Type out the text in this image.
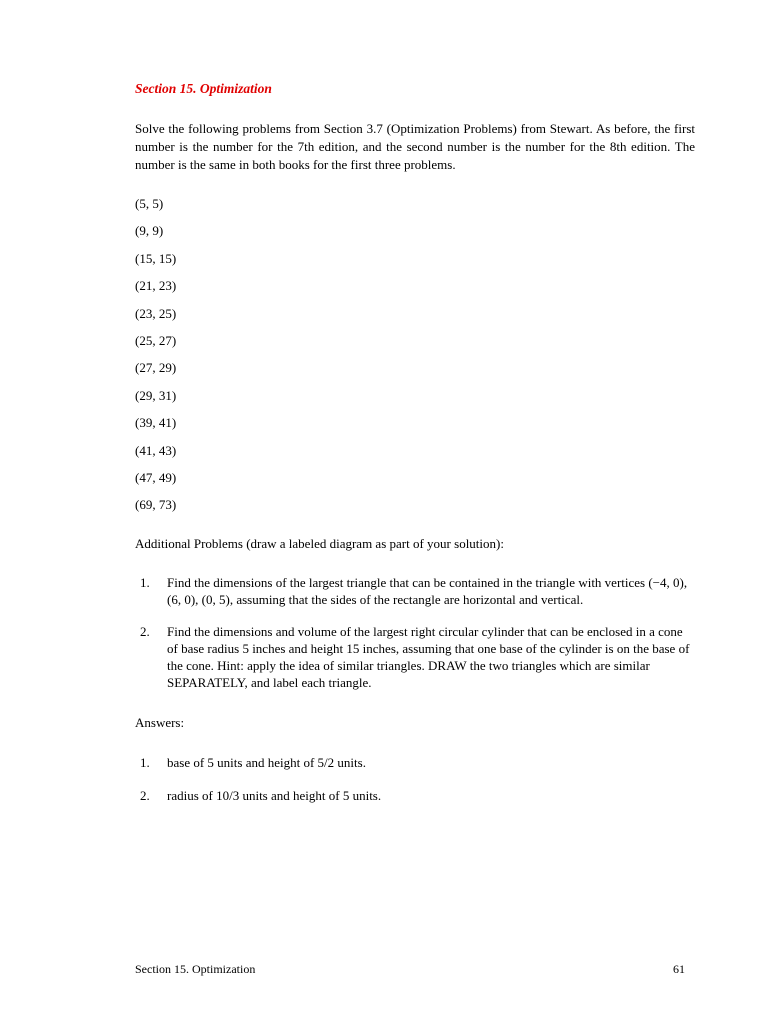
Section 15. Optimization
Solve the following problems from Section 3.7 (Optimization Problems) from Stewart. As before, the first number is the number for the 7th edition, and the second number is the number for the 8th edition. The number is the same in both books for the first three problems.
(5, 5)
(9, 9)
(15, 15)
(21, 23)
(23, 25)
(25, 27)
(27, 29)
(29, 31)
(39, 41)
(41, 43)
(47, 49)
(69, 73)
Additional Problems (draw a labeled diagram as part of your solution):
1. Find the dimensions of the largest triangle that can be contained in the triangle with vertices (−4, 0), (6, 0), (0, 5), assuming that the sides of the rectangle are horizontal and vertical.
2. Find the dimensions and volume of the largest right circular cylinder that can be enclosed in a cone of base radius 5 inches and height 15 inches, assuming that one base of the cylinder is on the base of the cone. Hint: apply the idea of similar triangles. DRAW the two triangles which are similar SEPARATELY, and label each triangle.
Answers:
1. base of 5 units and height of 5/2 units.
2. radius of 10/3 units and height of 5 units.
Section 15. Optimization	61
